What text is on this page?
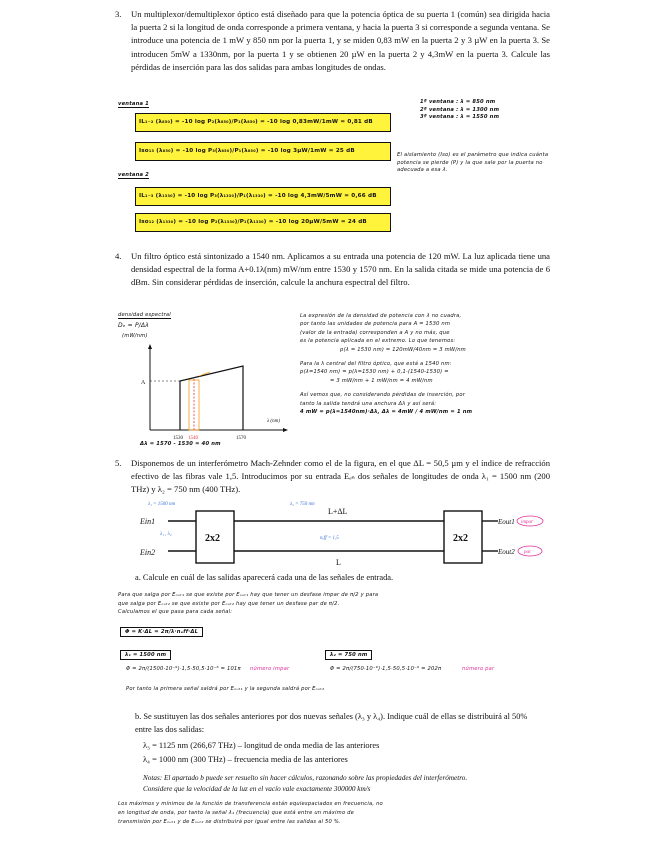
3.	Un multiplexor/demultiplexor óptico está diseñado para que la potencia óptica de su puerta 1 (común) sea dirigida hacia la puerta 2 si la longitud de onda corresponde a primera ventana, y hacia la puerta 3 si corresponde a segunda ventana. Se introduce una potencia de 1 mW y 850 nm por la puerta 1, y se miden 0,83 mW en la puerta 2 y 3 µW en la puerta 3. Se introducen 5mW a 1330nm, por la puerta 1 y se obtienen 20 µW en la puerta 2 y 4,3mW en la puerta 3. Calcule las pérdidas de inserción para las dos salidas para ambas longitudes de ondas.
ventana 1
IL₁₋₂ (λ₈₅₀) = -10 log P₂(λ₈₅₀)/P₁(λ₈₅₀) = -10 log 0,83mW/1mW = 0,81 dB
Iso₁₃ (λ₈₅₀) = -10 log P₃(λ₈₅₀)/P₁(λ₈₅₀) = -10 log 3µW/1mW = 25 dB
ventana 2
IL₁₋₃ (λ₁₃₃₀) = -10 log P₃(λ₁₃₃₀)/P₁(λ₁₃₃₀) = -10 log 4,3mW/5mW = 0,66 dB
Iso₁₂ (λ₁₃₃₀) = -10 log P₂(λ₁₃₃₀)/P₁(λ₁₃₃₀) = -10 log 20µW/5mW = 24 dB
1ª ventana : λ = 850 nm
2ª ventana : λ = 1300 nm
3ª ventana : λ = 1550 nm
El aislamiento (Iso) es el parámetro que indica cuánta potencia se pierde (P) y la que sale por la puerta no adecuada a esa λ.
4.	Un filtro óptico está sintonizado a 1540 nm. Aplicamos a su entrada una potencia de 120 mW. La luz aplicada tiene una densidad espectral de la forma A+0.1λ(nm) mW/nm entre 1530 y 1570 nm. En la salida citada se mide una potencia de 6 dBm. Sin considerar pérdidas de inserción, calcule la anchura espectral del filtro.
densidad espectral
Dₑ = P/Δλ
(mW/nm)
A
λ (nm)
1530 1540	1570
Δλ = 1570 - 1530 = 40 nm
La expresión de la densidad de potencia con λ no cuadra,
por tanto las unidades de potencia para A = 1530 nm
(valor de la entrada) corresponden a A y no más, que
es la potencia aplicada en el extremo. Lo que tenemos:
p(λ = 1530 nm) = 120mW/40nm = 3 mW/nm
Para la λ central del filtro óptico, que está a 1540 nm:
p(λ=1540 nm) = p(λ=1530 nm) + 0,1·(1540-1530) =
= 3 mW/nm + 1 mW/nm = 4 mW/nm
Así vemos que, no considerando pérdidas de inserción, por
tanto la salida tendrá una anchura Δλ y así será:
4 mW = p(λ=1540nm)·Δλ, Δλ = 4mW / 4 mW/nm = 1 nm
5.	Disponemos de un interferómetro Mach-Zehnder como el de la figura, en el que ΔL = 50,5 µm y el índice de refracción efectivo de las fibras vale 1,5. Introducimos por su entrada Eₑₙ dos señales de longitudes de onda λ₁ = 1500 nm (200 THz) y λ₂ = 750 nm (400 THz).
λ₁ = 1500 nm	λ₂ = 750 nm
Ein1
Ein2
λ₁ , λ₂	2x2
L+ΔL
L
nₑff = 1,5	2x2
Eout1
Eout2
impar
par
a. Calcule en cuál de las salidas aparecerá cada una de las señales de entrada.
Para que salga por Eₒᵤₜ₁ se que existe por Eₒᵤₜ₁ hay que tener un desfase impar de π/2 y para
que salga por Eₒᵤₜ₂ se que existe por Eₒᵤₜ₂ hay que tener un desfase par de π/2.
Calculamos el que pasa para cada señal:
Φ = K·ΔL = 2π/λ·nₑff·ΔL
λ₁ = 1500 nm	λ₂ = 750 nm
Φ = 2π/(1500·10⁻⁹)·1,5·50,5·10⁻⁶ = 101π número impar	Φ = 2π/(750·10⁻⁹)·1,5·50,5·10⁻⁶ = 202π	número par
Por tanto la primera señal saldrá por Eₒᵤₜ₁ y la segunda saldrá por Eₒᵤₜ₂
b. Se sustituyen las dos señales anteriores por dos nuevas señales (λ₃ y λ₄). Indique cuál de ellas se distribuirá al 50% entre las dos salidas:
λ₃ = 1125 nm (266,67 THz) – longitud de onda media de las anteriores
λ₄ = 1000 nm (300 THz) – frecuencia media de las anteriores
Notas: El apartado b puede ser resuelto sin hacer cálculos, razonando sobre las propiedades del interferómetro.
Considere que la velocidad de la luz en el vacío vale exactamente 300000 km/s
Los máximos y mínimos de la función de transferencia están equiespaciados en frecuencia, no
en longitud de onda, por tanto la señal λ₄ (frecuencia) que está entre un máximo de
transmisión por Eₒᵤₜ₁ y de Eₒᵤₜ₂ se distribuirá por igual entre las salidas al 50 %.
